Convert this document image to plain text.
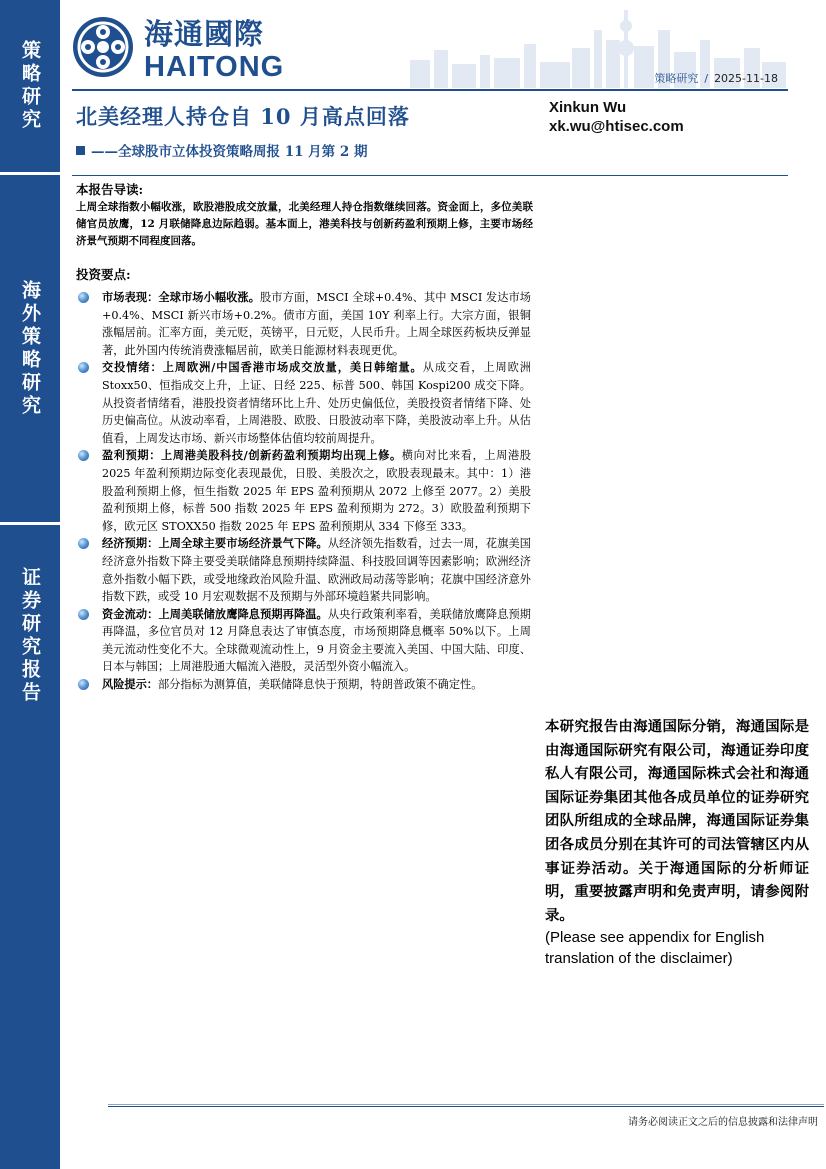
策略研究
海外策略研究
证券研究报告
海通國際
HAITONG	策略研究 / 2025-11-18
北美经理人持仓自 10 月高点回落
——全球股市立体投资策略周报 11 月第 2 期
Xinkun Wu
xk.wu@htisec.com
本报告导读:
上周全球指数小幅收涨，欧股港股成交放量，北美经理人持仓指数继续回落。资金面上，多位美联储官员放鹰，12 月联储降息边际趋弱。基本面上，港美科技与创新药盈利预期上修，主要市场经济景气预期不同程度回落。
投资要点:
市场表现：全球市场小幅收涨。股市方面，MSCI 全球+0.4%、其中 MSCI 发达市场+0.4%、MSCI 新兴市场+0.2%。债市方面，美国 10Y 利率上行。大宗方面，银铜涨幅居前。汇率方面，美元贬，英镑平，日元贬，人民币升。上周全球医药板块反弹显著，此外国内传统消费涨幅居前，欧美日能源材料表现更优。
交投情绪：上周欧洲/中国香港市场成交放量，美日韩缩量。从成交看，上周欧洲 Stoxx50、恒指成交上升，上证、日经 225、标普 500、韩国 Kospi200 成交下降。从投资者情绪看，港股投资者情绪环比上升、处历史偏低位，美股投资者情绪下降、处历史偏高位。从波动率看，上周港股、欧股、日股波动率下降，美股波动率上升。从估值看，上周发达市场、新兴市场整体估值均较前周提升。
盈利预期：上周港美股科技/创新药盈利预期均出现上修。横向对比来看，上周港股 2025 年盈利预期边际变化表现最优，日股、美股次之，欧股表现最末。其中：1）港股盈利预期上修，恒生指数 2025 年 EPS 盈利预期从 2072 上修至 2077。2）美股盈利预期上修，标普 500 指数 2025 年 EPS 盈利预期为 272。3）欧股盈利预期下修，欧元区 STOXX50 指数 2025 年 EPS 盈利预期从 334 下修至 333。
经济预期：上周全球主要市场经济景气下降。从经济领先指数看，过去一周，花旗美国经济意外指数下降主要受美联储降息预期持续降温、科技股回调等因素影响；欧洲经济意外指数小幅下跌，或受地缘政治风险升温、欧洲政局动荡等影响；花旗中国经济意外指数下跌，或受 10 月宏观数据不及预期与外部环境趋紧共同影响。
资金流动：上周美联储放鹰降息预期再降温。从央行政策利率看，美联储放鹰降息预期再降温，多位官员对 12 月降息表达了审慎态度，市场预期降息概率 50%以下。上周美元流动性变化不大。全球微观流动性上，9 月资金主要流入美国、中国大陆、印度、日本与韩国；上周港股通大幅流入港股，灵活型外资小幅流入。
风险提示：部分指标为测算值，美联储降息快于预期，特朗普政策不确定性。
本研究报告由海通国际分销，海通国际是由海通国际研究有限公司，海通证券印度私人有限公司，海通国际株式会社和海通国际证券集团其他各成员单位的证券研究团队所组成的全球品牌，海通国际证券集团各成员分别在其许可的司法管辖区内从事证券活动。关于海通国际的分析师证明，重要披露声明和免责声明，请参阅附录。
(Please see appendix for English translation of the disclaimer)
请务必阅读正文之后的信息披露和法律声明
